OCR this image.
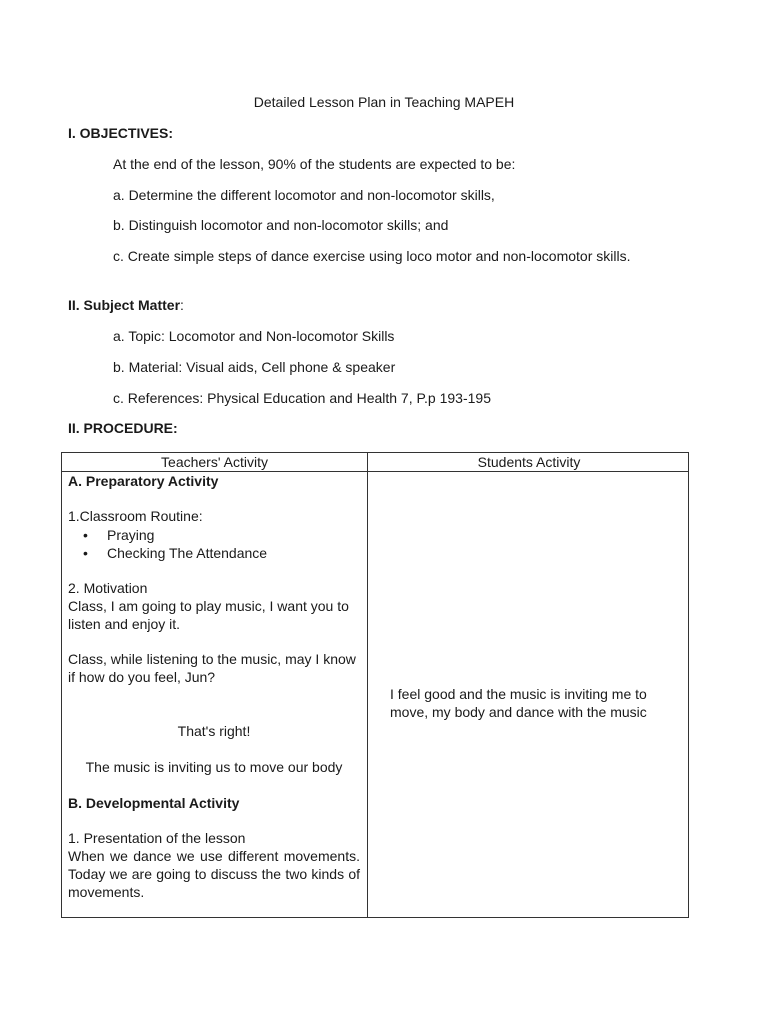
Detailed Lesson Plan in Teaching MAPEH
I. OBJECTIVES:
At the end of the lesson, 90% of the students are expected to be:
a. Determine the different locomotor and non-locomotor skills,
b. Distinguish locomotor and non-locomotor skills; and
c. Create simple steps of dance exercise using loco motor and non-locomotor skills.
II. Subject Matter:
a. Topic: Locomotor and Non-locomotor Skills
b. Material: Visual aids, Cell phone & speaker
c. References: Physical Education and Health 7, P.p 193-195
II. PROCEDURE:
Teachers' Activity	Students Activity
A. Preparatory Activity
1.Classroom Routine:
• Praying
• Checking The Attendance
2. Motivation
Class, I am going to play music, I want you to listen and enjoy it.
Class, while listening to the music, may I know if how do you feel, Jun?
That's right!
The music is inviting us to move our body
B. Developmental Activity
1. Presentation of the lesson
When we dance we use different movements. Today we are going to discuss the two kinds of movements.
I feel good and the music is inviting me to move, my body and dance with the music
